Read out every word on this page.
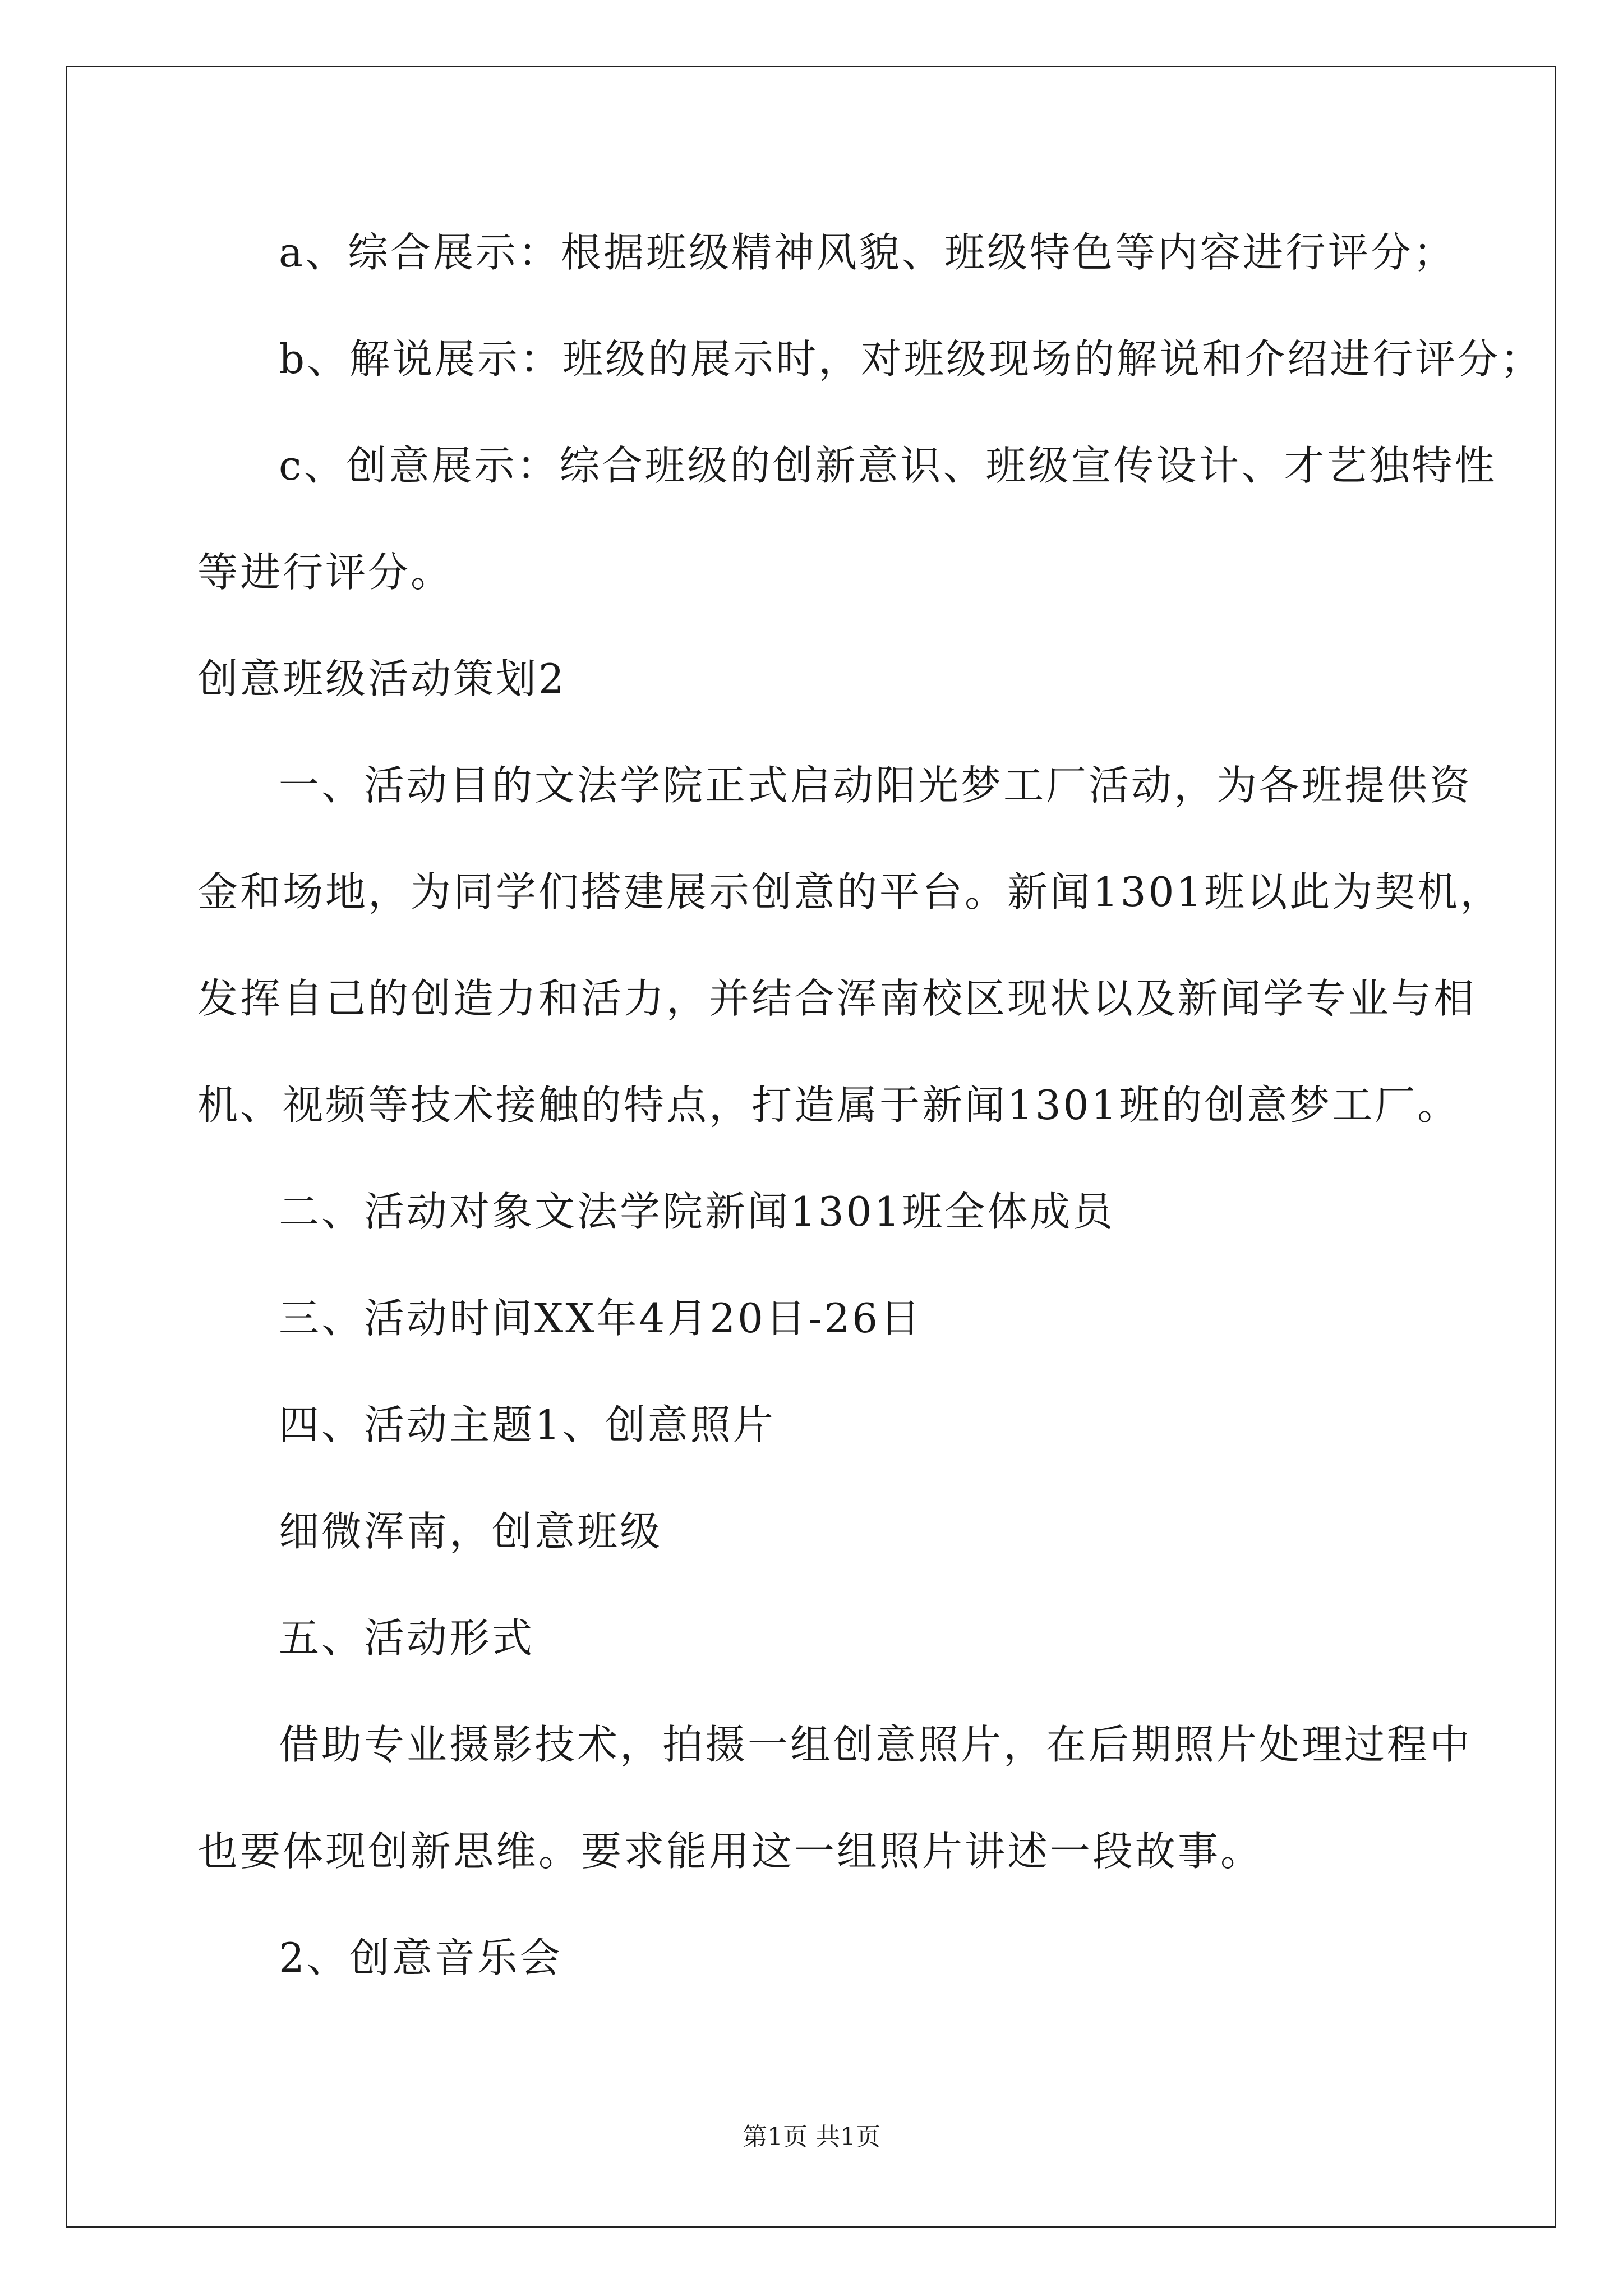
a、综合展示：根据班级精神风貌、班级特色等内容进行评分；
b、解说展示：班级的展示时，对班级现场的解说和介绍进行评分；
c、创意展示：综合班级的创新意识、班级宣传设计、才艺独特性
等进行评分。
创意班级活动策划2
一、活动目的文法学院正式启动阳光梦工厂活动，为各班提供资
金和场地，为同学们搭建展示创意的平台。新闻1301班以此为契机，
发挥自己的创造力和活力，并结合浑南校区现状以及新闻学专业与相
机、视频等技术接触的特点，打造属于新闻1301班的创意梦工厂。
二、活动对象文法学院新闻1301班全体成员
三、活动时间XX年4月20日-26日
四、活动主题1、创意照片
细微浑南，创意班级
五、活动形式
借助专业摄影技术，拍摄一组创意照片，在后期照片处理过程中
也要体现创新思维。要求能用这一组照片讲述一段故事。
2、创意音乐会
第1页 共1页
